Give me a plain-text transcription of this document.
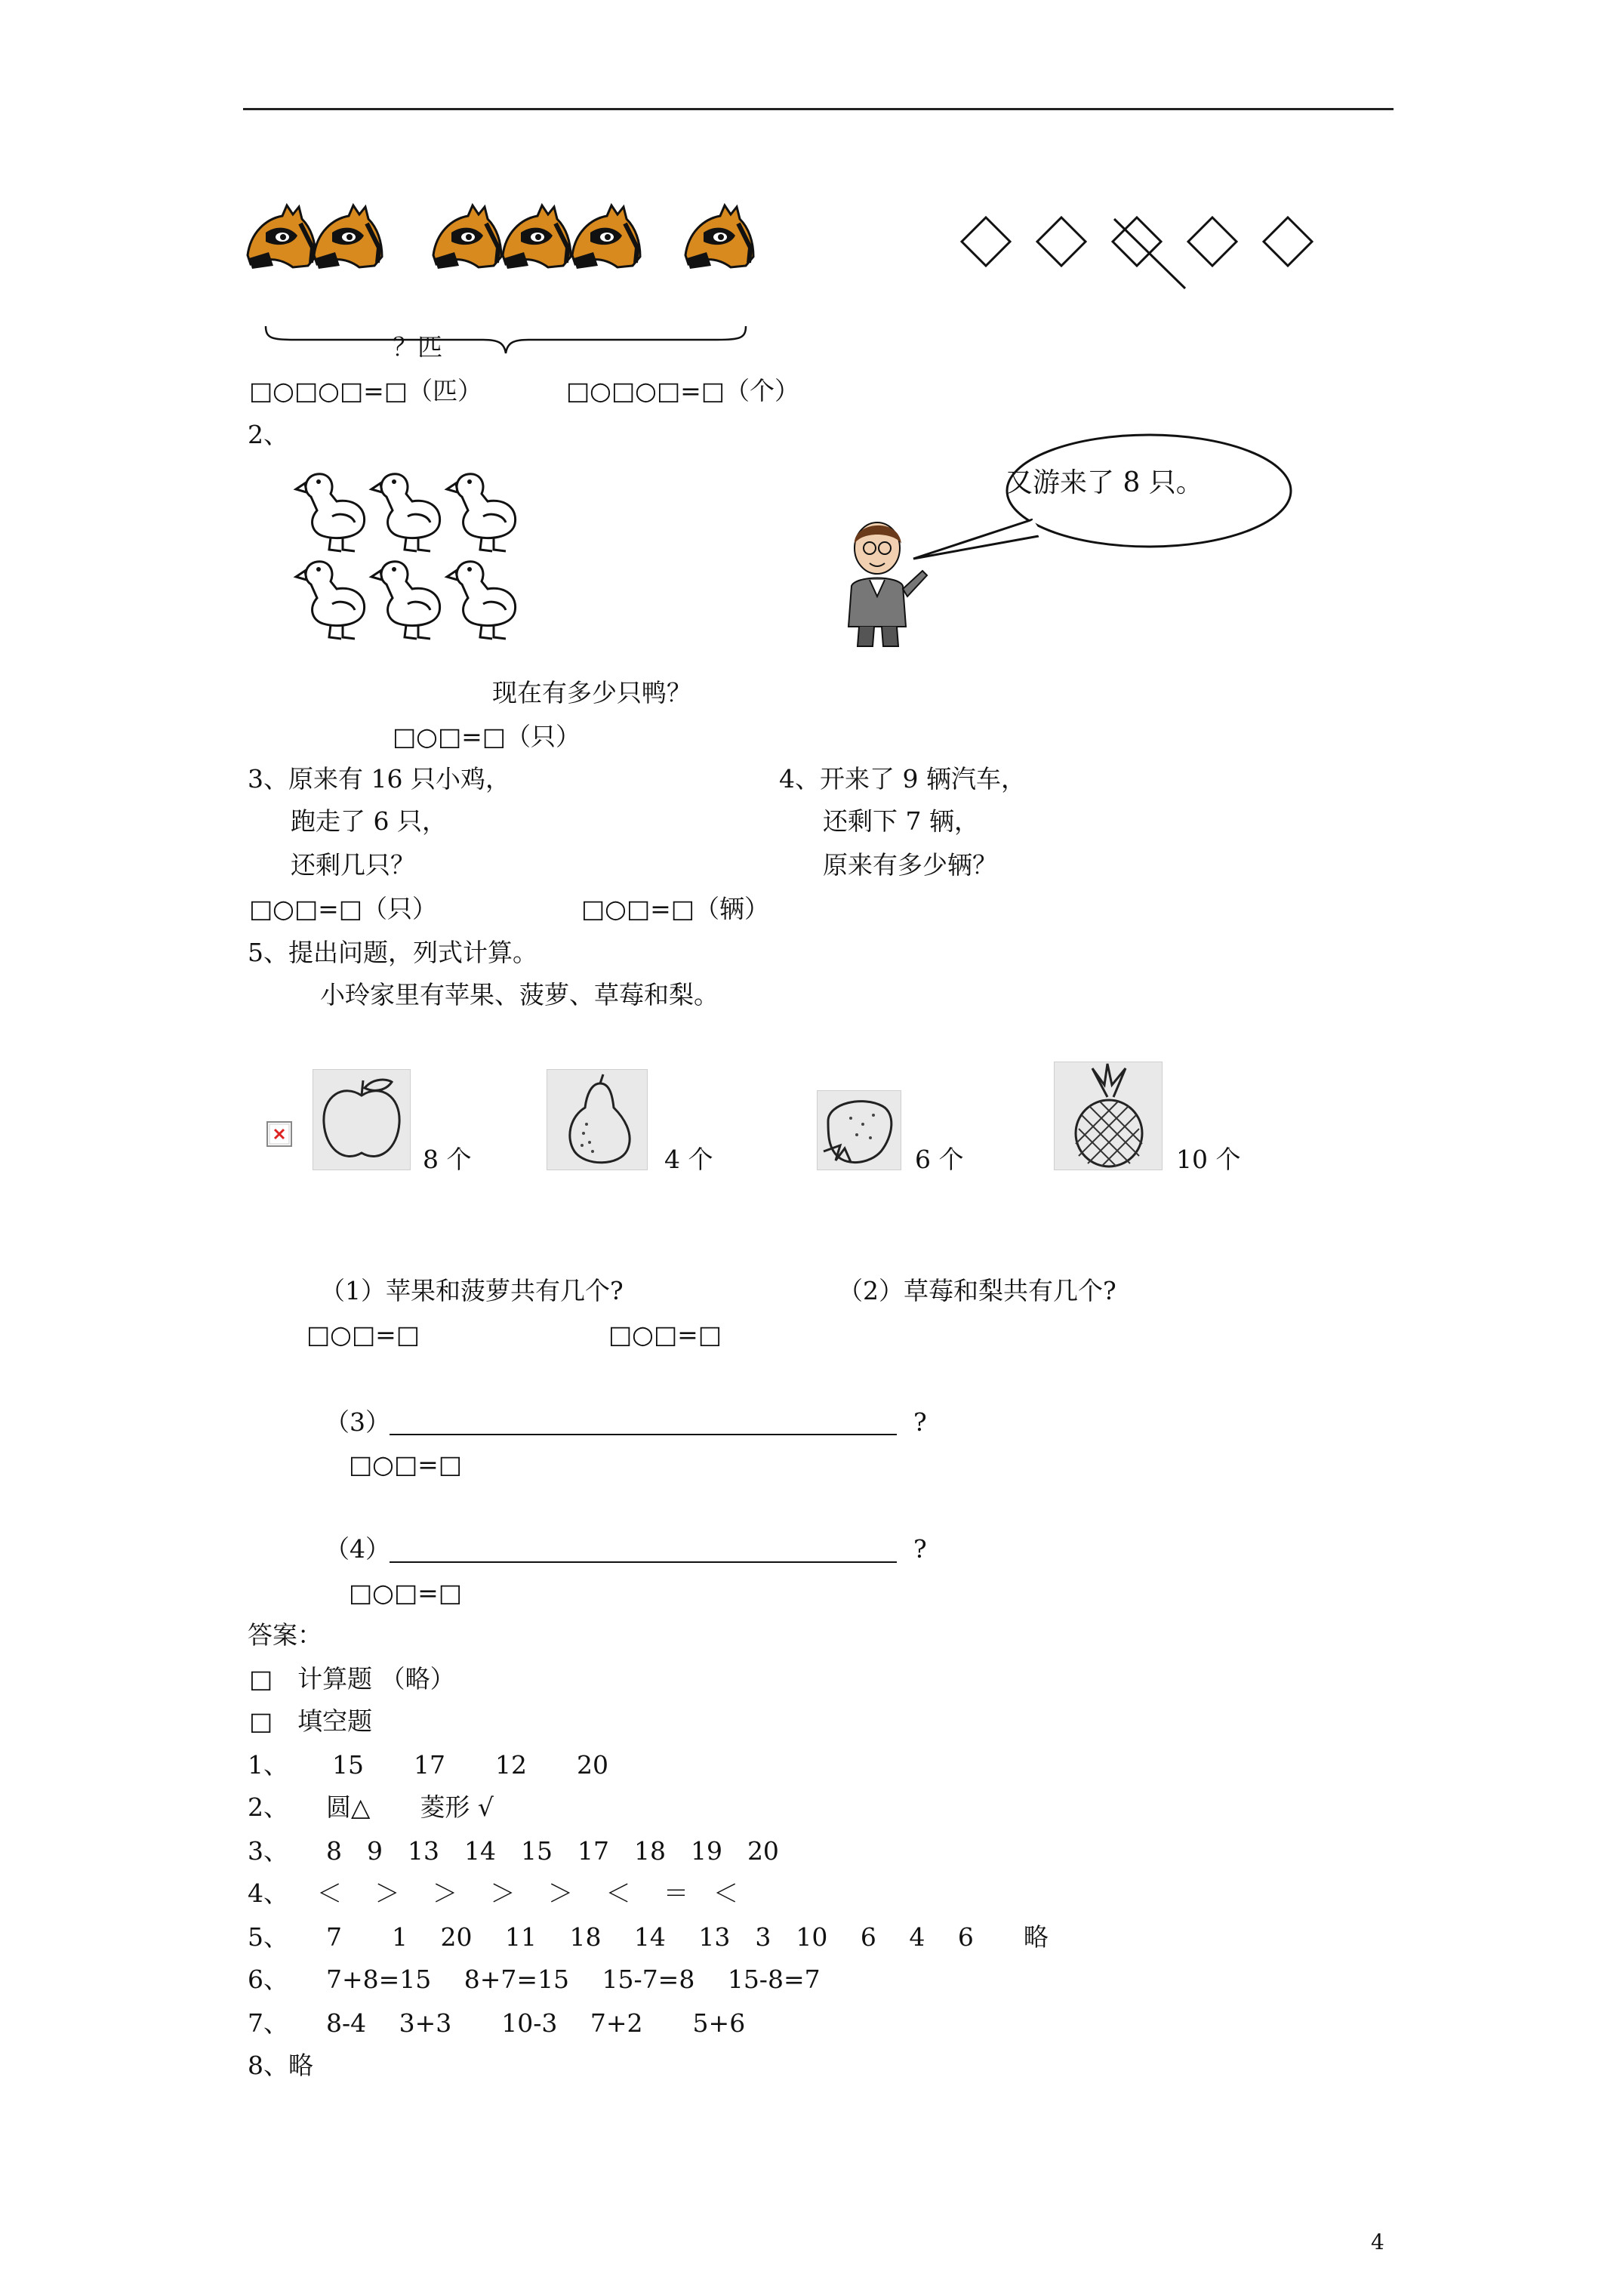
？匹
□○□○□=□（匹）	□○□○□=□（个）
2、
又游来了 8 只。
现在有多少只鸭？
□○□=□（只）
3、原来有 16 只小鸡，
跑走了 6 只，
还剩几只？
□○□=□（只）
4、开来了 9 辆汽车，
还剩下 7 辆，
原来有多少辆？
□○□=□（辆）
5、提出问题，列式计算。
小玲家里有苹果、菠萝、草莓和梨。
8 个	4 个	6 个	10 个
（1）苹果和菠萝共有几个?	（2）草莓和梨共有几个?
□○□=□	□○□=□
（3）	?
□○□=□
（4）	?
□○□=□
答案：
□　计算题 （略）
□　填空题
1、 15　　17　　12　　20
2、 圆△　　菱形 √
3、 8　9　13　14　15　17　18　19　20
4、 ＜　 ＞　 ＞　 ＞　 ＞　 ＜　 ＝　＜
5、 7　　1　 20　 11　 18　 14　 13　3　10　 6　 4　 6　　略
6、 7+8=15　 8+7=15　 15-7=8　 15-8=7
7、 8-4　 3+3　　10-3　 7+2　　5+6
8、略
4
